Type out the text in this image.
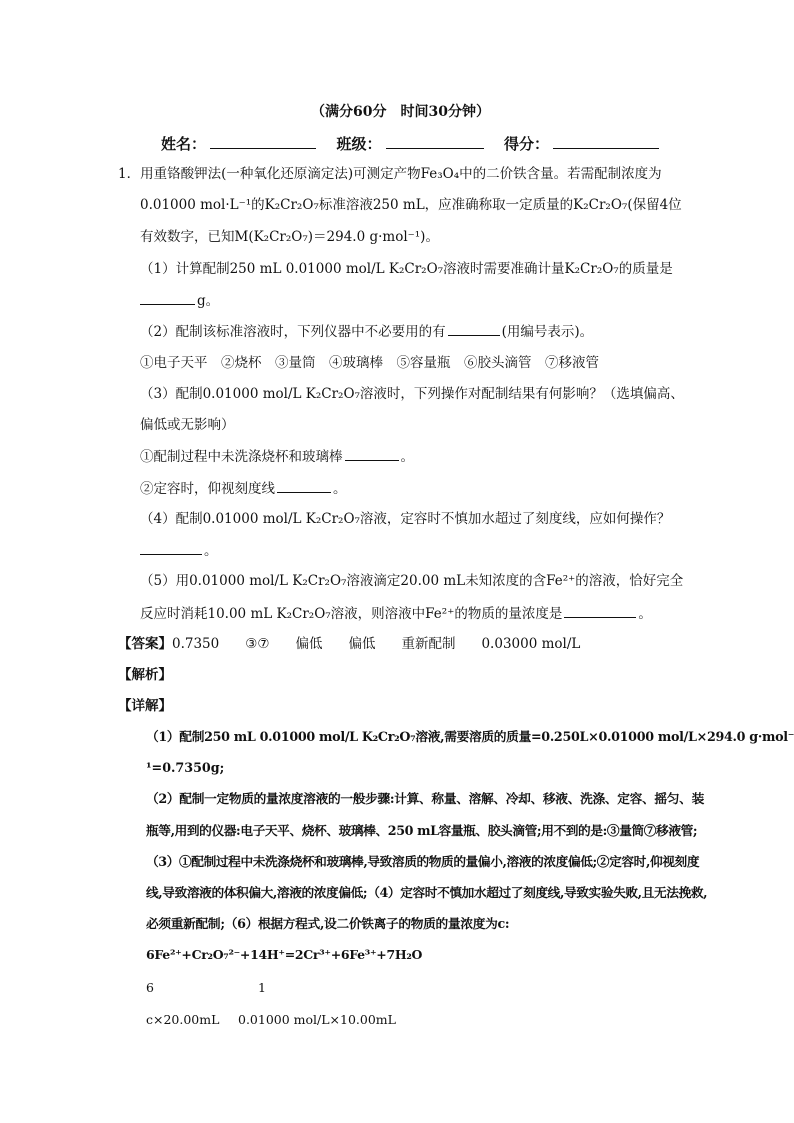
（满分60分　时间30分钟）
姓名：	班级：	得分：
1．用重铬酸钾法(一种氧化还原滴定法)可测定产物Fe₃O₄中的二价铁含量。若需配制浓度为
0.01000 mol·L⁻¹的K₂Cr₂O₇标准溶液250 mL，应准确称取一定质量的K₂Cr₂O₇(保留4位
有效数字，已知M(K₂Cr₂O₇)＝294.0 g·mol⁻¹)。
（1）计算配制250 mL 0.01000 mol/L K₂Cr₂O₇溶液时需要准确计量K₂Cr₂O₇的质量是
g。
（2）配制该标准溶液时，下列仪器中不必要用的有	(用编号表示)。
①电子天平　②烧杯　③量筒　④玻璃棒　⑤容量瓶　⑥胶头滴管　⑦移液管
（3）配制0.01000 mol/L K₂Cr₂O₇溶液时，下列操作对配制结果有何影响？（选填偏高、
偏低或无影响）
①配制过程中未洗涤烧杯和玻璃棒	。
②定容时，仰视刻度线	。
（4）配制0.01000 mol/L K₂Cr₂O₇溶液，定容时不慎加水超过了刻度线，应如何操作？
。
（5）用0.01000 mol/L K₂Cr₂O₇溶液滴定20.00 mL未知浓度的含Fe²⁺的溶液，恰好完全
反应时消耗10.00 mL K₂Cr₂O₇溶液，则溶液中Fe²⁺的物质的量浓度是	。
【答案】0.7350 ③⑦ 偏低 偏低 重新配制 0.03000 mol/L
【解析】
【详解】
（1）配制250 mL 0.01000 mol/L K₂Cr₂O₇溶液,需要溶质的质量=0.250L×0.01000 mol/L×294.0 g·mol⁻
¹=0.7350g;
（2）配制一定物质的量浓度溶液的一般步骤:计算、称量、溶解、冷却、移液、洗涤、定容、摇匀、装
瓶等,用到的仪器:电子天平、烧杯、玻璃棒、250 mL容量瓶、胶头滴管;用不到的是:③量筒⑦移液管;
（3）①配制过程中未洗涤烧杯和玻璃棒,导致溶质的物质的量偏小,溶液的浓度偏低;②定容时,仰视刻度
线,导致溶液的体积偏大,溶液的浓度偏低;（4）定容时不慎加水超过了刻度线,导致实验失败,且无法挽救,
必须重新配制;（6）根据方程式,设二价铁离子的物质的量浓度为c:
6Fe²⁺+Cr₂O₇²⁻+14H⁺=2Cr³⁺+6Fe³⁺+7H₂O
6	1
c×20.00mL 0.01000 mol/L×10.00mL
